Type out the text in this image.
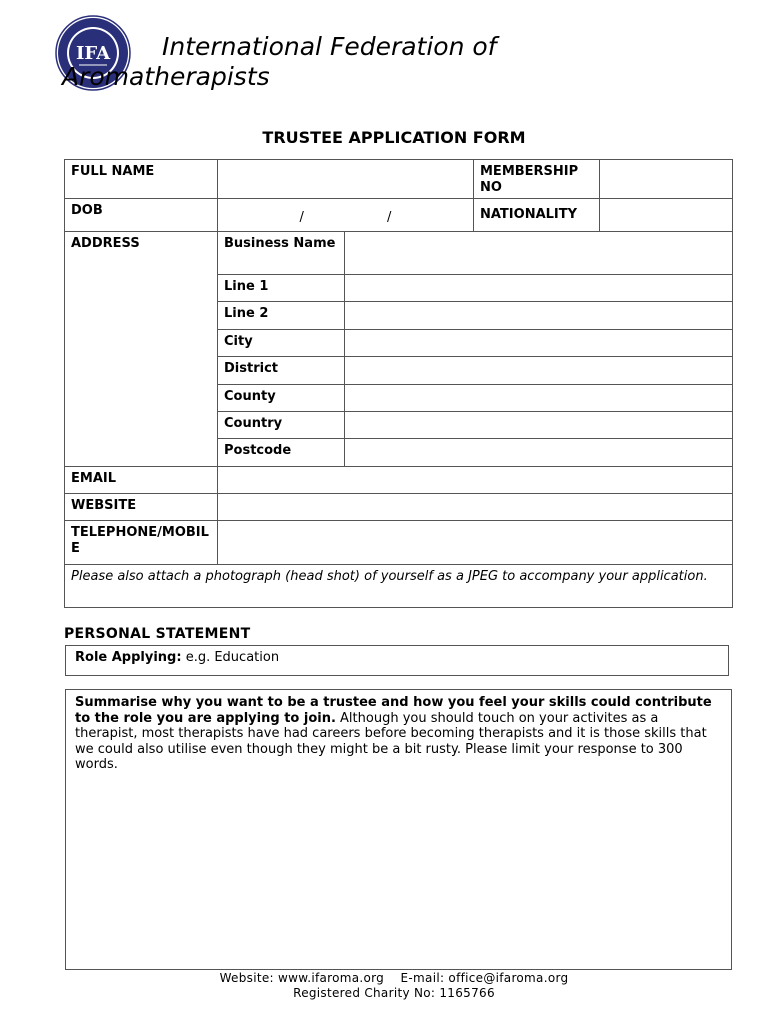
IFA	International Federation of Aromatherapists

TRUSTEE APPLICATION FORM
FULL NAME			MEMBERSHIP NO	
DOB	/ /		NATIONALITY	
ADDRESS	Business Name			
	Line 1			
	Line 2			
	City			
	District			
	County			
	Country			
	Postcode			
EMAIL				
WEBSITE				
TELEPHONE/MOBILE				
Please also attach a photograph (head shot) of yourself as a JPEG to accompany your application.				
PERSONAL STATEMENT
Role Applying: e.g. Education
Summarise why you want to be a trustee and how you feel your skills could contribute to the role you are applying to join. Although you should touch on your activites as a therapist, most therapists have had careers before becoming therapists and it is those skills that we could also utilise even though they might be a bit rusty. Please limit your response to 300 words.
Website: www.ifaroma.org    E-mail: office@ifaroma.org
Registered Charity No: 1165766
